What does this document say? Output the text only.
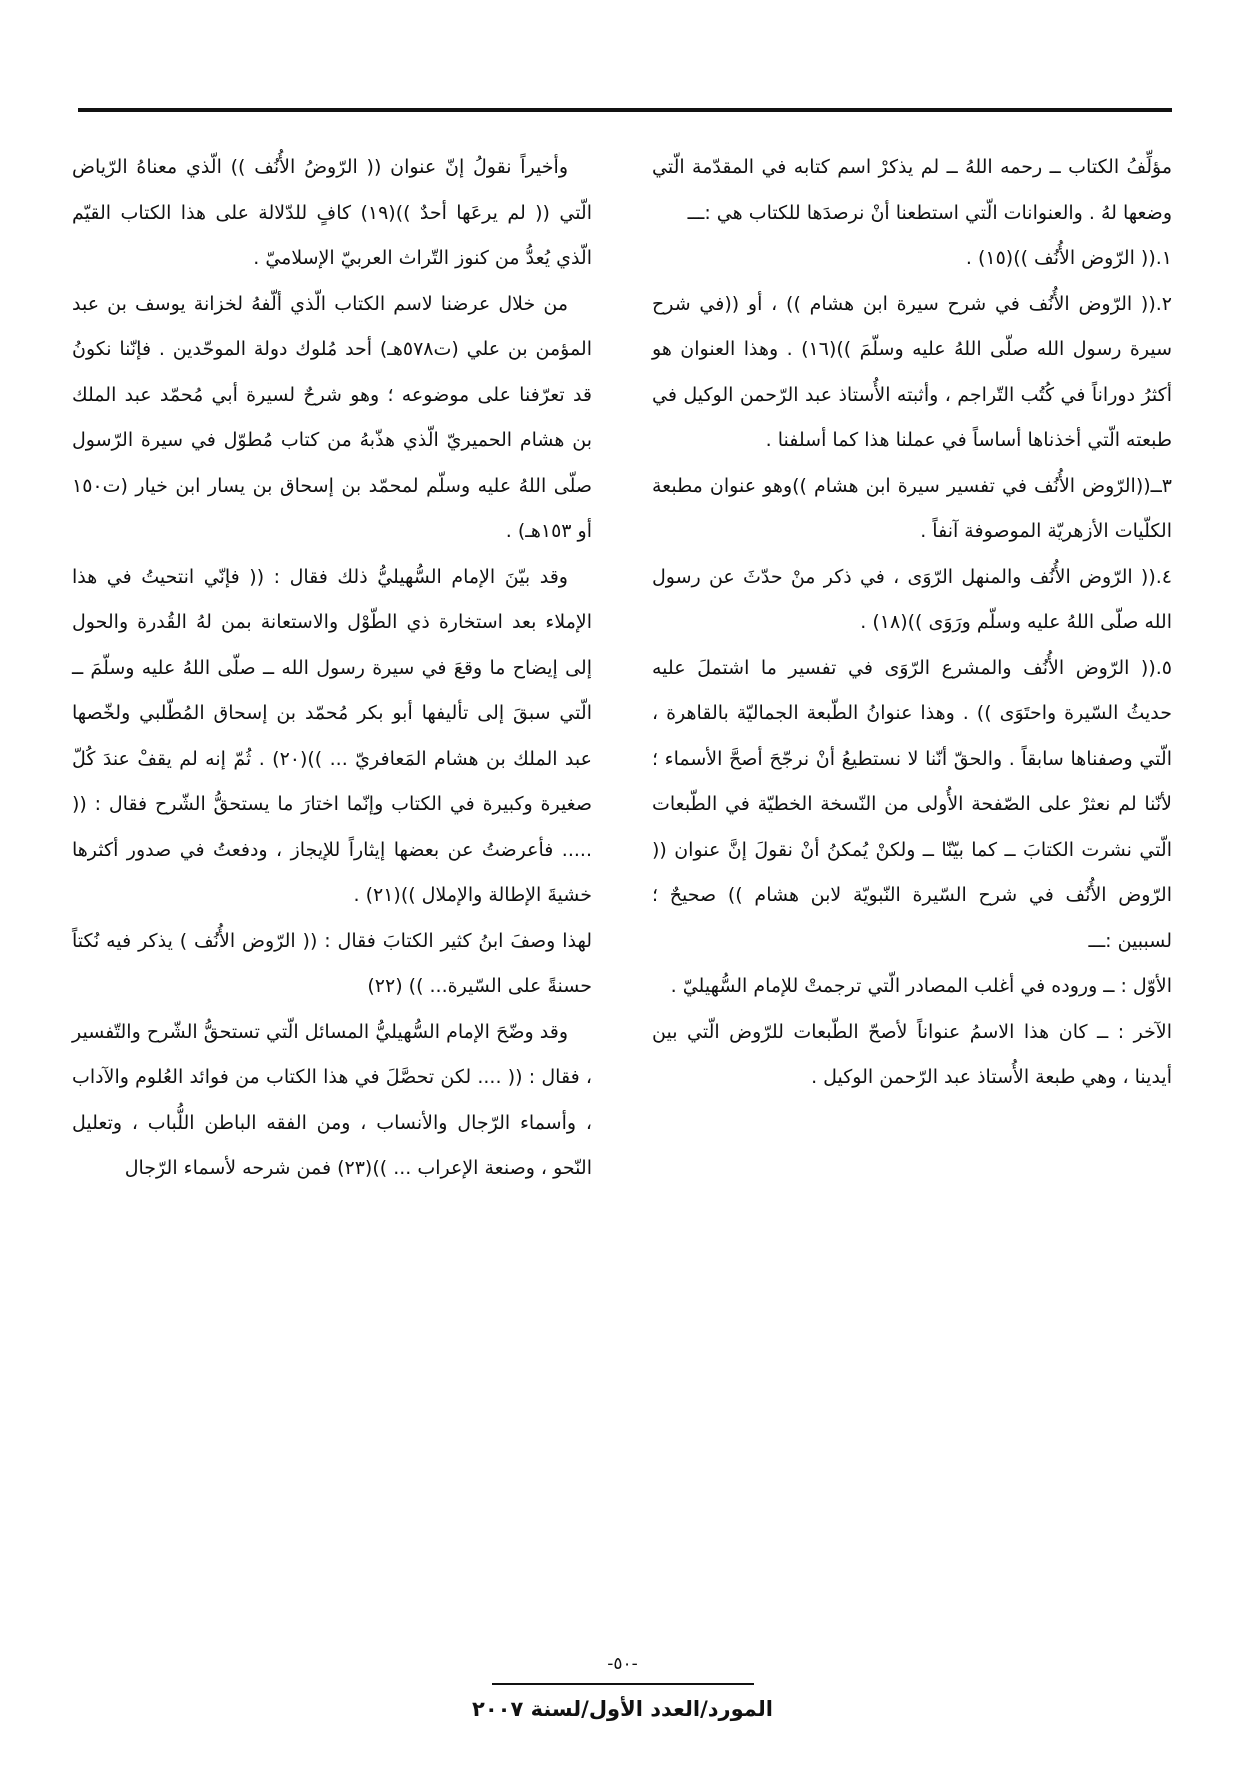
مؤلِّفُ الكتاب ــ رحمه اللهُ ــ لم يذكرْ اسم كتابه في المقدّمة الّتي وضعها لهُ . والعنوانات الّتي استطعنا أنْ نرصدَها للكتاب هي :ـــ

١.(( الرّوض الأُنُف ))(١٥) .

٢.(( الرّوض الأُنُف في شرح سيرة ابن هشام )) ، أو ((في شرح سيرة رسول الله صلّى اللهُ عليه وسلّمَ ))(١٦) . وهذا العنوان هو أكثرُ دوراناً في كُتُب التّراجم ، وأثبته الأُستاذ عبد الرّحمن الوكيل في طبعته الّتي أخذناها أساساً في عملنا هذا كما أسلفنا .

٣ــ((الرّوض الأُنُف في تفسير سيرة ابن هشام ))وهو عنوان مطبعة الكلّيات الأزهريّة الموصوفة آنفاً .

٤.(( الرّوض الأُنُف والمنهل الرّوَى ، في ذكر منْ حدّثَ عن رسول الله صلّى اللهُ عليه وسلّم ورَوَى ))(١٨) .

٥.(( الرّوض الأُنُف والمشرع الرّوَى في تفسير ما اشتملَ عليه حديثُ السّيرة واحتَوَى )) . وهذا عنوانُ الطّبعة الجماليّة بالقاهرة ، الّتي وصفناها سابقاً . والحقّ أنّنا لا نستطيعُ أنْ نرجّحَ أصحَّ الأسماء ؛ لأنّنا لم نعثرْ على الصّفحة الأُولى من النّسخة الخطيّة في الطّبعات الّتي نشرت الكتابَ ــ كما بيّنّا ــ ولكنْ يُمكنُ أنْ نقولَ إنَّ عنوان (( الرّوض الأُنُف في شرح السّيرة النّبويّة لابن هشام )) صحيحٌ ؛ لسببين :ـــ

الأوّل : ــ وروده في أغلب المصادر الّتي ترجمتْ للإمام السُّهيليّ .

الآخر : ــ كان هذا الاسمُ عنواناً لأصحّ الطّبعات للرّوض الّتي بين أيدينا ، وهي طبعة الأُستاذ عبد الرّحمن الوكيل .

وأخيراً نقولُ إنّ عنوان (( الرّوضُ الأُنُف )) الّذي معناهُ الرّياض الّتي (( لم يرعَها أحدٌ ))(١٩) كافٍ للدّلالة على هذا الكتاب القيّم الّذي يُعدُّ من كنوز التّراث العربيّ الإسلاميّ .

من خلال عرضنا لاسم الكتاب الّذي ألّفهُ لخزانة يوسف بن عبد المؤمن بن علي (ت٥٧٨هـ) أحد مُلوك دولة الموحّدين . فإنّنا نكونُ قد تعرّفنا على موضوعه ؛ وهو شرحٌ لسيرة أبي مُحمّد عبد الملك بن هشام الحميريّ الّذي هذّبهُ من كتاب مُطوّل في سيرة الرّسول صلّى اللهُ عليه وسلّم لمحمّد بن إسحاق بن يسار ابن خيار (ت١٥٠ أو ١٥٣هـ) .

وقد بيّنَ الإمام السُّهيليُّ ذلك فقال : (( فإنّي انتحيتُ في هذا الإملاء بعد استخارة ذي الطّوْل والاستعانة بمن لهُ القُدرة والحول إلى إيضاح ما وقعَ في سيرة رسول الله ــ صلّى اللهُ عليه وسلّمَ ــ الّتي سبقَ إلى تأليفها أبو بكر مُحمّد بن إسحاق المُطّلبي ولخّصها عبد الملك بن هشام المَعافريّ ... ))(٢٠) . ثُمّ إنه لم يقفْ عندَ كُلّ صغيرة وكبيرة في الكتاب وإنّما اختارَ ما يستحقُّ الشّرح فقال : (( ..... فأعرضتُ عن بعضها إيثاراً للإيجاز ، ودفعتُ في صدور أكثرها خشيةَ الإطالة والإملال ))(٢١) .

لهذا وصفَ ابنُ كثير الكتابَ فقال : (( الرّوض الأُنُف ) يذكر فيه نُكتاً حسنةً على السّيرة... )) (٢٢)

وقد وضّحَ الإمام السُّهيليُّ المسائل الّتي تستحقُّ الشّرح والتّفسير ، فقال : (( .... لكن تحصَّلَ في هذا الكتاب من فوائد العُلوم والآداب ، وأسماء الرّجال والأنساب ، ومن الفقه الباطن اللُّباب ، وتعليل النّحو ، وصنعة الإعراب ... ))(٢٣) فمن شرحه لأسماء الرّجال

-٥٠-
المورد/العدد الأول/لسنة ٢٠٠٧
